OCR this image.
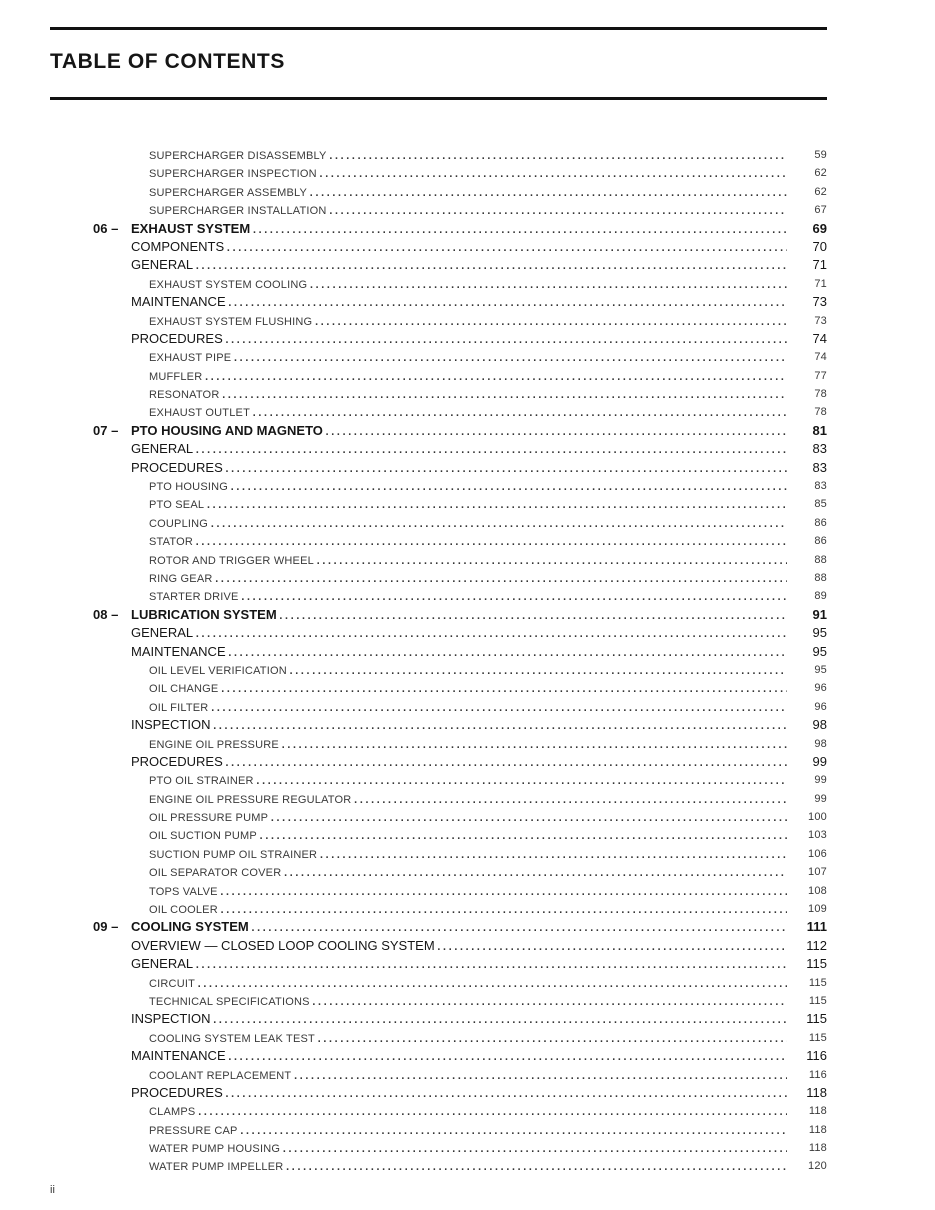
TABLE OF CONTENTS
SUPERCHARGER DISASSEMBLY .....	59
SUPERCHARGER INSPECTION .....	62
SUPERCHARGER ASSEMBLY .....	62
SUPERCHARGER INSTALLATION .....	67
06 – EXHAUST SYSTEM .....	69
COMPONENTS .....	70
GENERAL .....	71
EXHAUST SYSTEM COOLING .....	71
MAINTENANCE .....	73
EXHAUST SYSTEM FLUSHING .....	73
PROCEDURES .....	74
EXHAUST PIPE .....	74
MUFFLER .....	77
RESONATOR .....	78
EXHAUST OUTLET .....	78
07 – PTO HOUSING AND MAGNETO .....	81
GENERAL .....	83
PROCEDURES .....	83
PTO HOUSING .....	83
PTO SEAL .....	85
COUPLING .....	86
STATOR .....	86
ROTOR AND TRIGGER WHEEL .....	88
RING GEAR .....	88
STARTER DRIVE .....	89
08 – LUBRICATION SYSTEM .....	91
GENERAL .....	95
MAINTENANCE .....	95
OIL LEVEL VERIFICATION .....	95
OIL CHANGE .....	96
OIL FILTER .....	96
INSPECTION .....	98
ENGINE OIL PRESSURE .....	98
PROCEDURES .....	99
PTO OIL STRAINER .....	99
ENGINE OIL PRESSURE REGULATOR .....	99
OIL PRESSURE PUMP .....	100
OIL SUCTION PUMP .....	103
SUCTION PUMP OIL STRAINER .....	106
OIL SEPARATOR COVER .....	107
TOPS VALVE .....	108
OIL COOLER .....	109
09 – COOLING SYSTEM .....	111
OVERVIEW — CLOSED LOOP COOLING SYSTEM .....	112
GENERAL .....	115
CIRCUIT .....	115
TECHNICAL SPECIFICATIONS .....	115
INSPECTION .....	115
COOLING SYSTEM LEAK TEST .....	115
MAINTENANCE .....	116
COOLANT REPLACEMENT .....	116
PROCEDURES .....	118
CLAMPS .....	118
PRESSURE CAP .....	118
WATER PUMP HOUSING .....	118
WATER PUMP IMPELLER .....	120
ii
